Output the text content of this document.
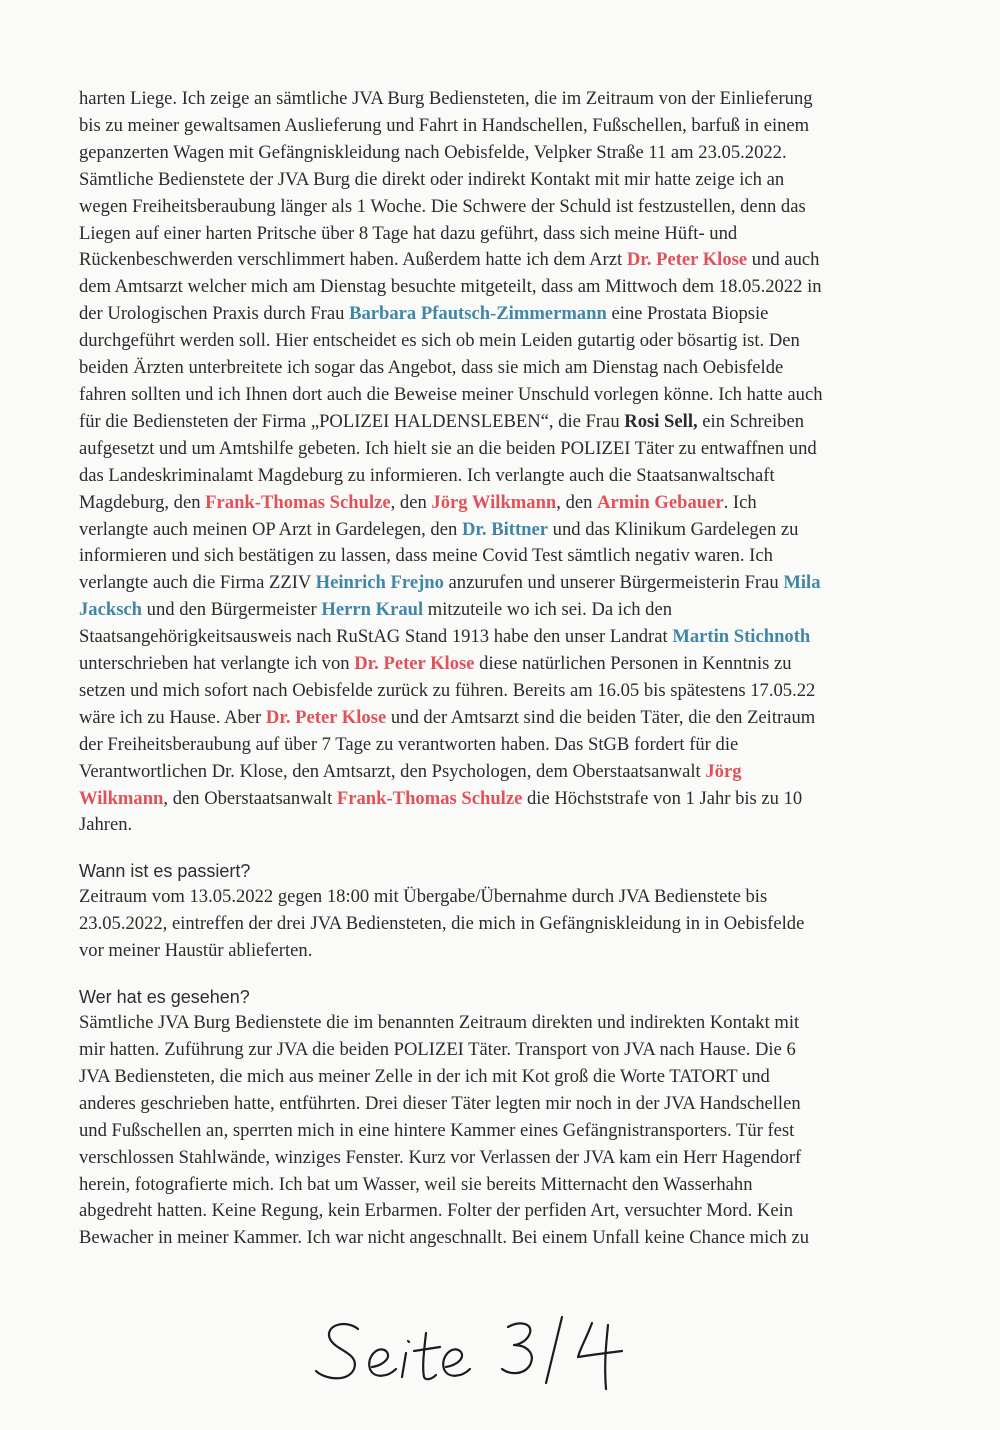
harten Liege. Ich zeige an sämtliche JVA Burg Bediensteten, die im Zeitraum von der Einlieferung

bis zu meiner gewaltsamen Auslieferung und Fahrt in Handschellen, Fußschellen, barfuß in einem

gepanzerten Wagen mit Gefängniskleidung nach Oebisfelde, Velpker Straße 11 am 23.05.2022.

Sämtliche Bedienstete der JVA Burg die direkt oder indirekt Kontakt mit mir hatte zeige ich an

wegen Freiheitsberaubung länger als 1 Woche. Die Schwere der Schuld ist festzustellen, denn das

Liegen auf einer harten Pritsche über 8 Tage hat dazu geführt, dass sich meine Hüft- und

Rückenbeschwerden verschlimmert haben. Außerdem hatte ich dem Arzt Dr. Peter Klose und auch

dem Amtsarzt welcher mich am Dienstag besuchte mitgeteilt, dass am Mittwoch dem 18.05.2022 in

der Urologischen Praxis durch Frau Barbara Pfautsch-Zimmermann eine Prostata Biopsie

durchgeführt werden soll. Hier entscheidet es sich ob mein Leiden gutartig oder bösartig ist. Den

beiden Ärzten unterbreitete ich sogar das Angebot, dass sie mich am Dienstag nach Oebisfelde

fahren sollten und ich Ihnen dort auch die Beweise meiner Unschuld vorlegen könne. Ich hatte auch

für die Bediensteten der Firma „POLIZEI HALDENSLEBEN“, die Frau Rosi Sell, ein Schreiben

aufgesetzt und um Amtshilfe gebeten. Ich hielt sie an die beiden POLIZEI Täter zu entwaffnen und

das Landeskriminalamt Magdeburg zu informieren. Ich verlangte auch die Staatsanwaltschaft

Magdeburg, den Frank-Thomas Schulze, den Jörg Wilkmann, den Armin Gebauer. Ich

verlangte auch meinen OP Arzt in Gardelegen, den Dr. Bittner und das Klinikum Gardelegen zu

informieren und sich bestätigen zu lassen, dass meine Covid Test sämtlich negativ waren. Ich

verlangte auch die Firma ZZIV Heinrich Frejno anzurufen und unserer Bürgermeisterin Frau Mila

Jacksch und den Bürgermeister Herrn Kraul mitzuteile wo ich sei. Da ich den

Staatsangehörigkeitsausweis nach RuStAG Stand 1913 habe den unser Landrat Martin Stichnoth

unterschrieben hat verlangte ich von Dr. Peter Klose diese natürlichen Personen in Kenntnis zu

setzen und mich sofort nach Oebisfelde zurück zu führen. Bereits am 16.05 bis spätestens 17.05.22

wäre ich zu Hause. Aber Dr. Peter Klose und der Amtsarzt sind die beiden Täter, die den Zeitraum

der Freiheitsberaubung auf über 7 Tage zu verantworten haben. Das StGB fordert für die

Verantwortlichen Dr. Klose, den Amtsarzt, den Psychologen, dem Oberstaatsanwalt Jörg

Wilkmann, den Oberstaatsanwalt Frank-Thomas Schulze die Höchststrafe von 1 Jahr bis zu 10

Jahren.

Wann ist es passiert?

Zeitraum vom 13.05.2022 gegen 18:00 mit Übergabe/Übernahme durch JVA Bedienstete bis

23.05.2022, eintreffen der drei JVA Bediensteten, die mich in Gefängniskleidung in in Oebisfelde

vor meiner Haustür ablieferten.

Wer hat es gesehen?

Sämtliche JVA Burg Bedienstete die im benannten Zeitraum direkten und indirekten Kontakt mit

mir hatten. Zuführung zur JVA die beiden POLIZEI Täter. Transport von JVA nach Hause. Die 6

JVA Bediensteten, die mich aus meiner Zelle in der ich mit Kot groß die Worte TATORT und

anderes geschrieben hatte, entführten. Drei dieser Täter legten mir noch in der JVA Handschellen

und Fußschellen an, sperrten mich in eine hintere Kammer eines Gefängnistransporters. Tür fest

verschlossen Stahlwände, winziges Fenster. Kurz vor Verlassen der JVA kam ein Herr Hagendorf

herein, fotografierte mich. Ich bat um Wasser, weil sie bereits Mitternacht den Wasserhahn

abgedreht hatten. Keine Regung, kein Erbarmen. Folter der perfiden Art, versuchter Mord. Kein

Bewacher in meiner Kammer. Ich war nicht angeschnallt. Bei einem Unfall keine Chance mich zu

Seite 3/4
